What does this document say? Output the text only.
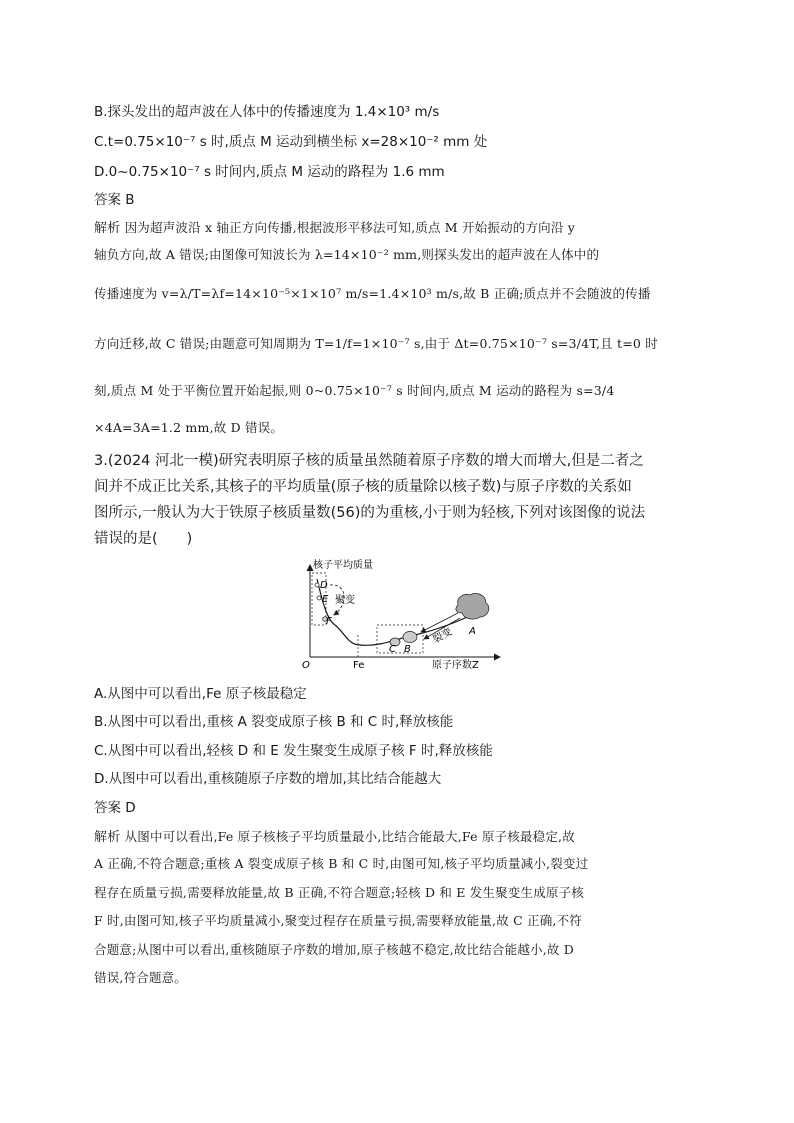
B.探头发出的超声波在人体中的传播速度为 1.4×10³ m/s
C.t=0.75×10⁻⁷ s 时,质点 M 运动到横坐标 x=28×10⁻² mm 处
D.0~0.75×10⁻⁷ s 时间内,质点 M 运动的路程为 1.6 mm
答案 B
解析 因为超声波沿 x 轴正方向传播,根据波形平移法可知,质点 M 开始振动的方向沿 y
轴负方向,故 A 错误;由图像可知波长为 λ=14×10⁻² mm,则探头发出的超声波在人体中的
传播速度为 v=λ/T=λf=14×10⁻⁵×1×10⁷ m/s=1.4×10³ m/s,故 B 正确;质点并不会随波的传播
方向迁移,故 C 错误;由题意可知周期为 T=1/f=1×10⁻⁷ s,由于 Δt=0.75×10⁻⁷ s=3/4T,且 t=0 时
刻,质点 M 处于平衡位置开始起振,则 0~0.75×10⁻⁷ s 时间内,质点 M 运动的路程为 s=3/4
×4A=3A=1.2 mm,故 D 错误。
3.(2024 河北一模)研究表明原子核的质量虽然随着原子序数的增大而增大,但是二者之
间并不成正比关系,其核子的平均质量(原子核的质量除以核子数)与原子序数的关系如
图所示,一般认为大于铁原子核质量数(56)的为重核,小于则为轻核,下列对该图像的说法
错误的是(　　)
核子平均质量
O	Fe	原子序数Z
D
E
F
聚变
C B
A
裂变
A.从图中可以看出,Fe 原子核最稳定
B.从图中可以看出,重核 A 裂变成原子核 B 和 C 时,释放核能
C.从图中可以看出,轻核 D 和 E 发生聚变生成原子核 F 时,释放核能
D.从图中可以看出,重核随原子序数的增加,其比结合能越大
答案 D
解析 从图中可以看出,Fe 原子核核子平均质量最小,比结合能最大,Fe 原子核最稳定,故
A 正确,不符合题意;重核 A 裂变成原子核 B 和 C 时,由图可知,核子平均质量减小,裂变过
程存在质量亏损,需要释放能量,故 B 正确,不符合题意;轻核 D 和 E 发生聚变生成原子核
F 时,由图可知,核子平均质量减小,聚变过程存在质量亏损,需要释放能量,故 C 正确,不符
合题意;从图中可以看出,重核随原子序数的增加,原子核越不稳定,故比结合能越小,故 D
错误,符合题意。
